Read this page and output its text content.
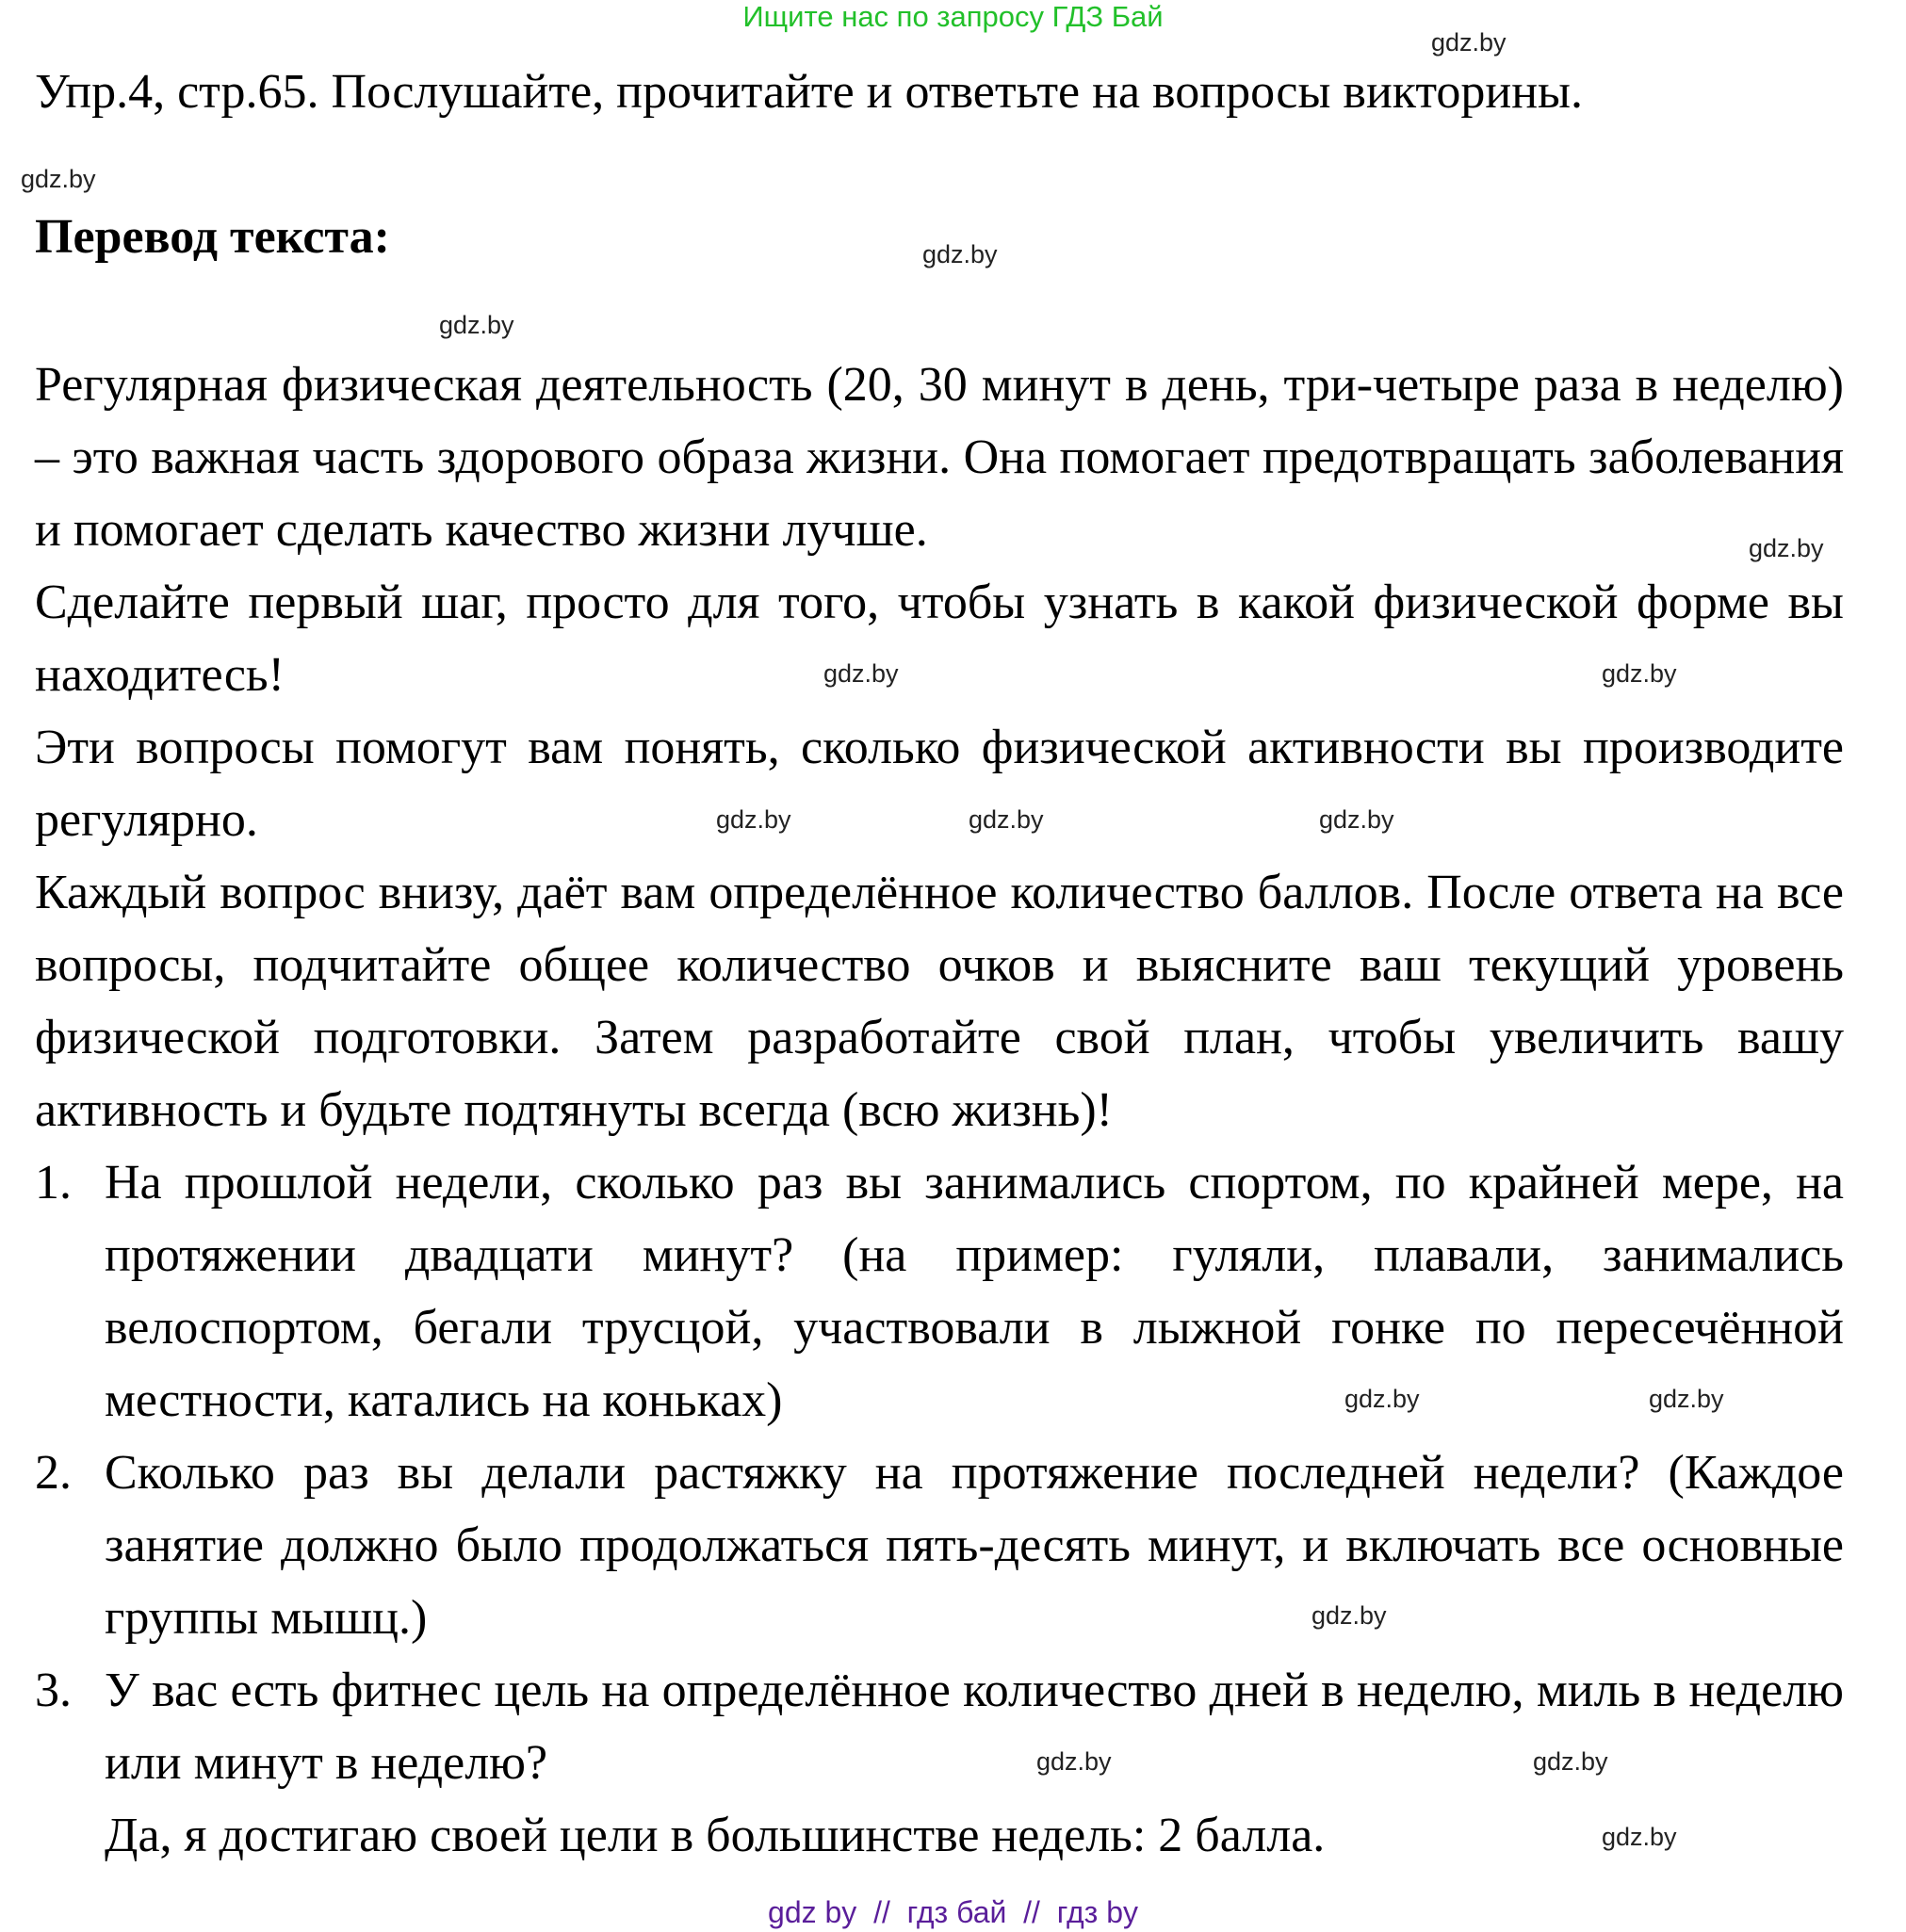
Ищите нас по запросу ГДЗ Бай
Упр.4, стр.65. Послушайте, прочитайте и ответьте на вопросы викторины.
Перевод текста:

Регулярная физическая деятельность (20, 30 минут в день, три-четыре раза в неделю) – это важная часть здорового образа жизни. Она помогает предотвращать заболевания и помогает сделать качество жизни лучше.

Сделайте первый шаг, просто для того, чтобы узнать в какой физической форме вы находитесь!

Эти вопросы помогут вам понять, сколько физической активности вы производите регулярно.

Каждый вопрос внизу, даёт вам определённое количество баллов. После ответа на все вопросы, подчитайте общее количество очков и выясните ваш текущий уровень физической подготовки. Затем разработайте свой план, чтобы увеличить вашу активность и будьте подтянуты всегда (всю жизнь)!

1. На прошлой недели, сколько раз вы занимались спортом, по крайней мере, на протяжении двадцати минут? (на пример: гуляли, плавали, занимались велоспортом, бегали трусцой, участвовали в лыжной гонке по пересечённой местности, катались на коньках)
2. Сколько раз вы делали растяжку на протяжение последней недели? (Каждое занятие должно было продолжаться пять-десять минут, и включать все основные группы мышц.)
3. У вас есть фитнес цель на определённое количество дней в неделю, миль в неделю или минут в неделю?
Да, я достигаю своей цели в большинстве недель: 2 балла.
gdz.by
gdz.by
gdz.by
gdz.by
gdz.by
gdz.by	gdz.by
gdz.by	gdz.by	gdz.by
gdz.by	gdz.by
gdz.by
gdz.by	gdz.by
gdz.by
gdz by  //  гдз бай  //  гдз by
